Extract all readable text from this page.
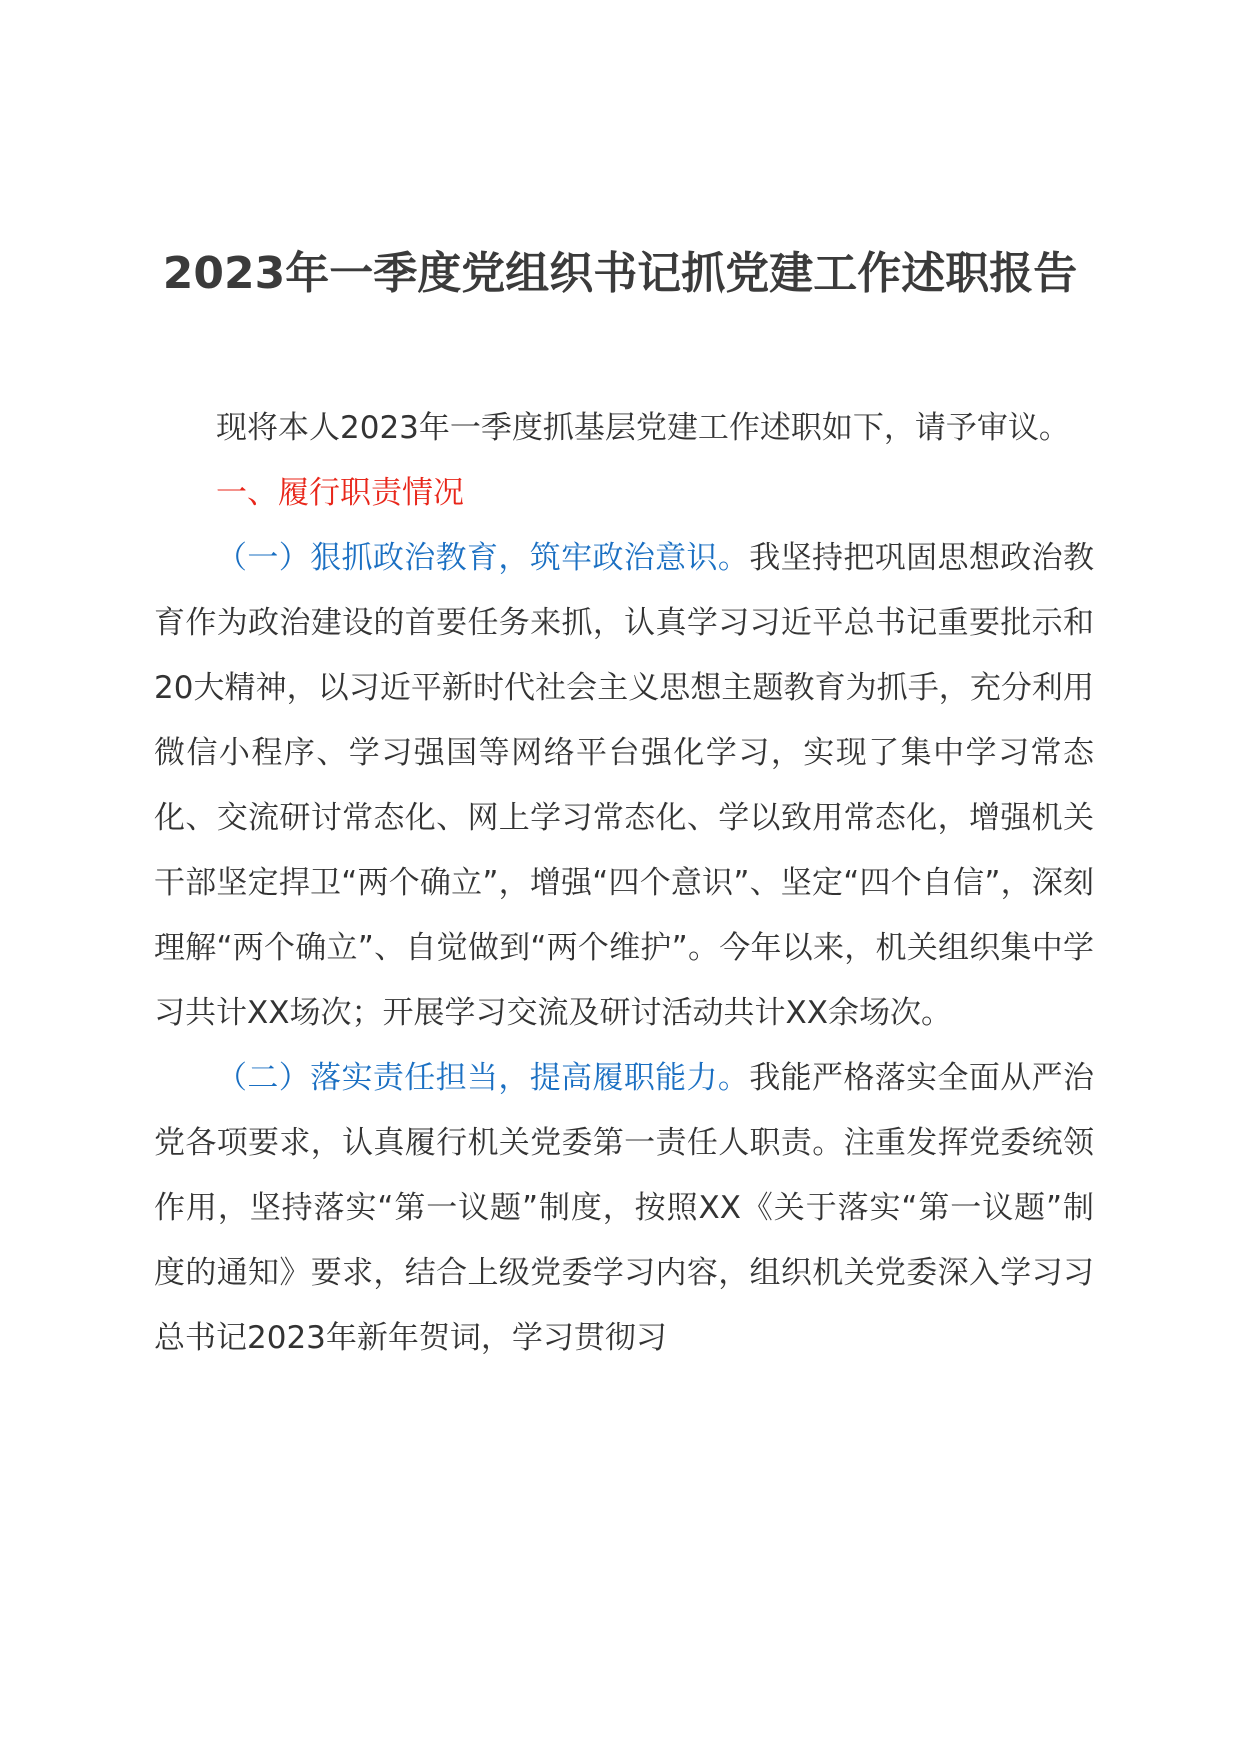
2023年一季度党组织书记抓党建工作述职报告

现将本人2023年一季度抓基层党建工作述职如下，请予审议。

一、履行职责情况

（一）狠抓政治教育，筑牢政治意识。我坚持把巩固思想政治教育作为政治建设的首要任务来抓，认真学习习近平总书记重要批示和20大精神，以习近平新时代社会主义思想主题教育为抓手，充分利用微信小程序、学习强国等网络平台强化学习，实现了集中学习常态化、交流研讨常态化、网上学习常态化、学以致用常态化，增强机关干部坚定捍卫“两个确立”，增强“四个意识”、坚定“四个自信”，深刻理解“两个确立”、自觉做到“两个维护”。今年以来，机关组织集中学习共计XX场次；开展学习交流及研讨活动共计XX余场次。

（二）落实责任担当，提高履职能力。我能严格落实全面从严治党各项要求，认真履行机关党委第一责任人职责。注重发挥党委统领作用，坚持落实“第一议题”制度，按照XX《关于落实“第一议题”制度的通知》要求，结合上级党委学习内容，组织机关党委深入学习习总书记2023年新年贺词，学习贯彻习
